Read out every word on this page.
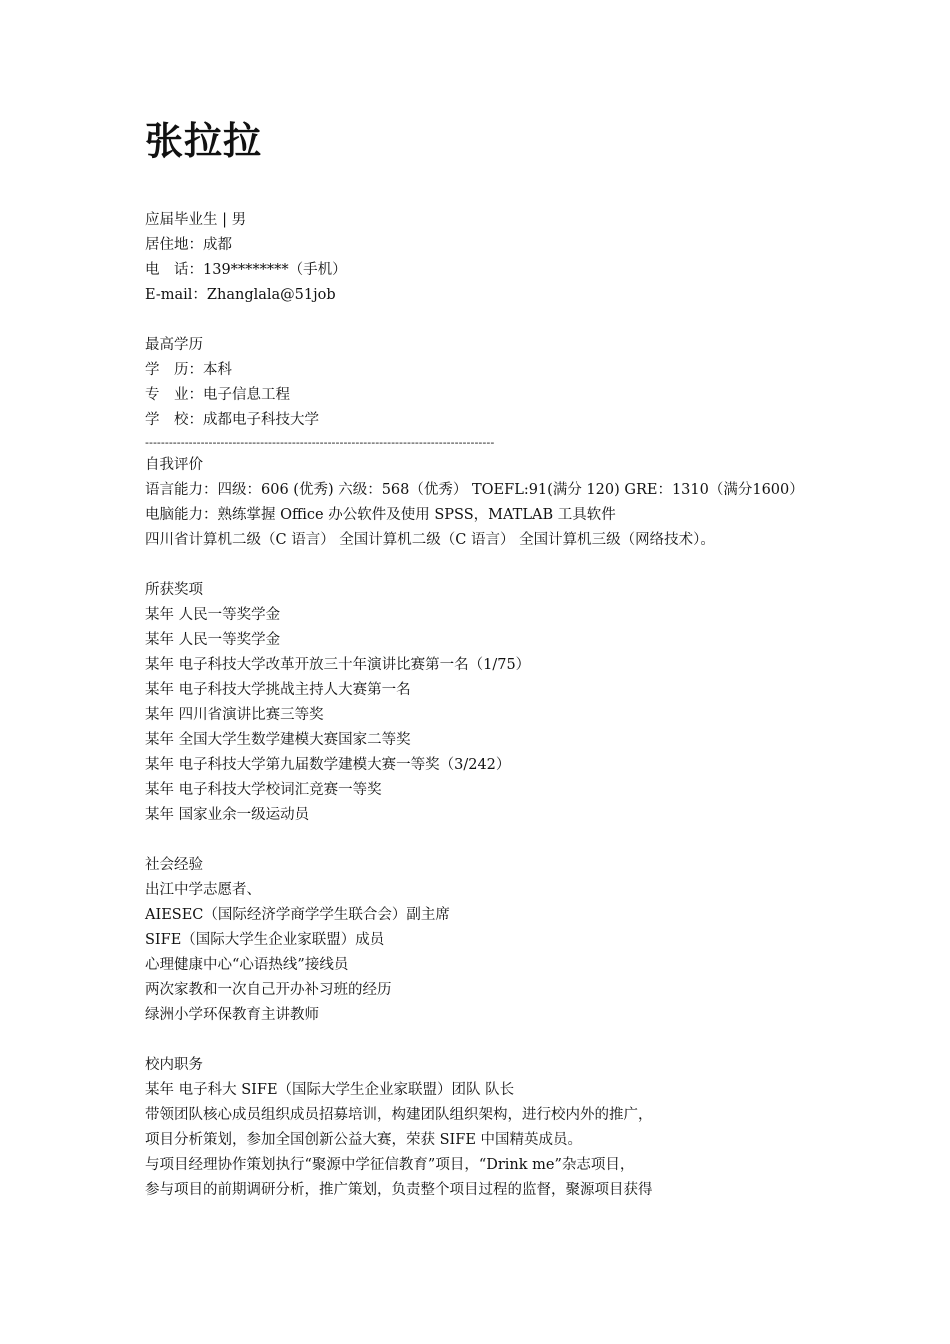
张拉拉
应届毕业生 | 男
居住地：成都
电　话：139********（手机）
E-mail：Zhanglala@51job
最高学历
学　历：本科
专　业：电子信息工程
学　校：成都电子科技大学
----------------------------------------------------------------------------------------
自我评价
语言能力：四级：606 (优秀) 六级：568（优秀） TOEFL:91(满分 120) GRE：1310（满分1600）
电脑能力：熟练掌握 Office 办公软件及使用 SPSS，MATLAB 工具软件
四川省计算机二级（C 语言） 全国计算机二级（C 语言） 全国计算机三级（网络技术）。
所获奖项
某年 人民一等奖学金
某年 人民一等奖学金
某年 电子科技大学改革开放三十年演讲比赛第一名（1/75）
某年 电子科技大学挑战主持人大赛第一名
某年 四川省演讲比赛三等奖
某年 全国大学生数学建模大赛国家二等奖
某年 电子科技大学第九届数学建模大赛一等奖（3/242）
某年 电子科技大学校词汇竞赛一等奖
某年 国家业余一级运动员
社会经验
出江中学志愿者、
AIESEC（国际经济学商学学生联合会）副主席
SIFE（国际大学生企业家联盟）成员
心理健康中心“心语热线”接线员
两次家教和一次自己开办补习班的经历
绿洲小学环保教育主讲教师
校内职务
某年 电子科大 SIFE（国际大学生企业家联盟）团队 队长
带领团队核心成员组织成员招募培训，构建团队组织架构，进行校内外的推广，
项目分析策划，参加全国创新公益大赛，荣获 SIFE 中国精英成员。
与项目经理协作策划执行“聚源中学征信教育”项目，“Drink me”杂志项目，
参与项目的前期调研分析，推广策划，负责整个项目过程的监督，聚源项目获得
